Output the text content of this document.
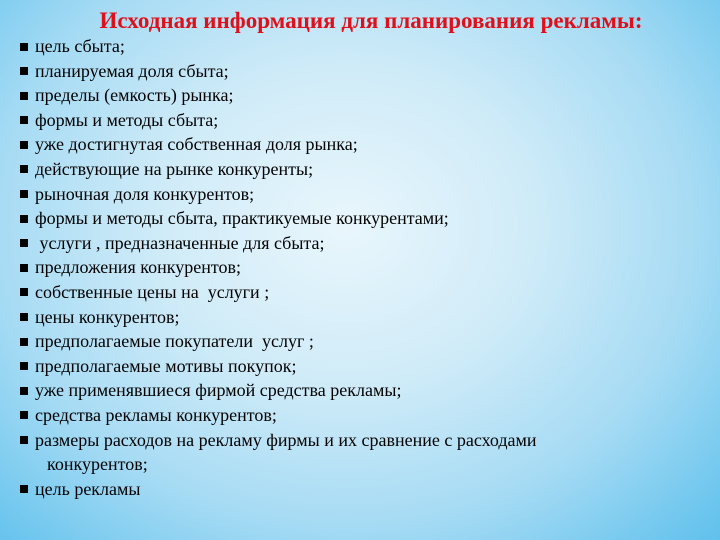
Исходная информация для планирования рекламы:
цель сбыта;
планируемая доля сбыта;
пределы (емкость) рынка;
формы и методы сбыта;
уже достигнутая собственная доля рынка;
действующие на рынке конкуренты;
рыночная доля конкурентов;
формы и методы сбыта, практикуемые конкурентами;
услуги , предназначенные для сбыта;
предложения конкурентов;
собственные цены на  услуги ;
цены конкурентов;
предполагаемые покупатели  услуг ;
предполагаемые мотивы покупок;
уже применявшиеся фирмой средства рекламы;
средства рекламы конкурентов;
размеры расходов на рекламу фирмы и их сравнение с расходами
конкурентов;
цель рекламы
